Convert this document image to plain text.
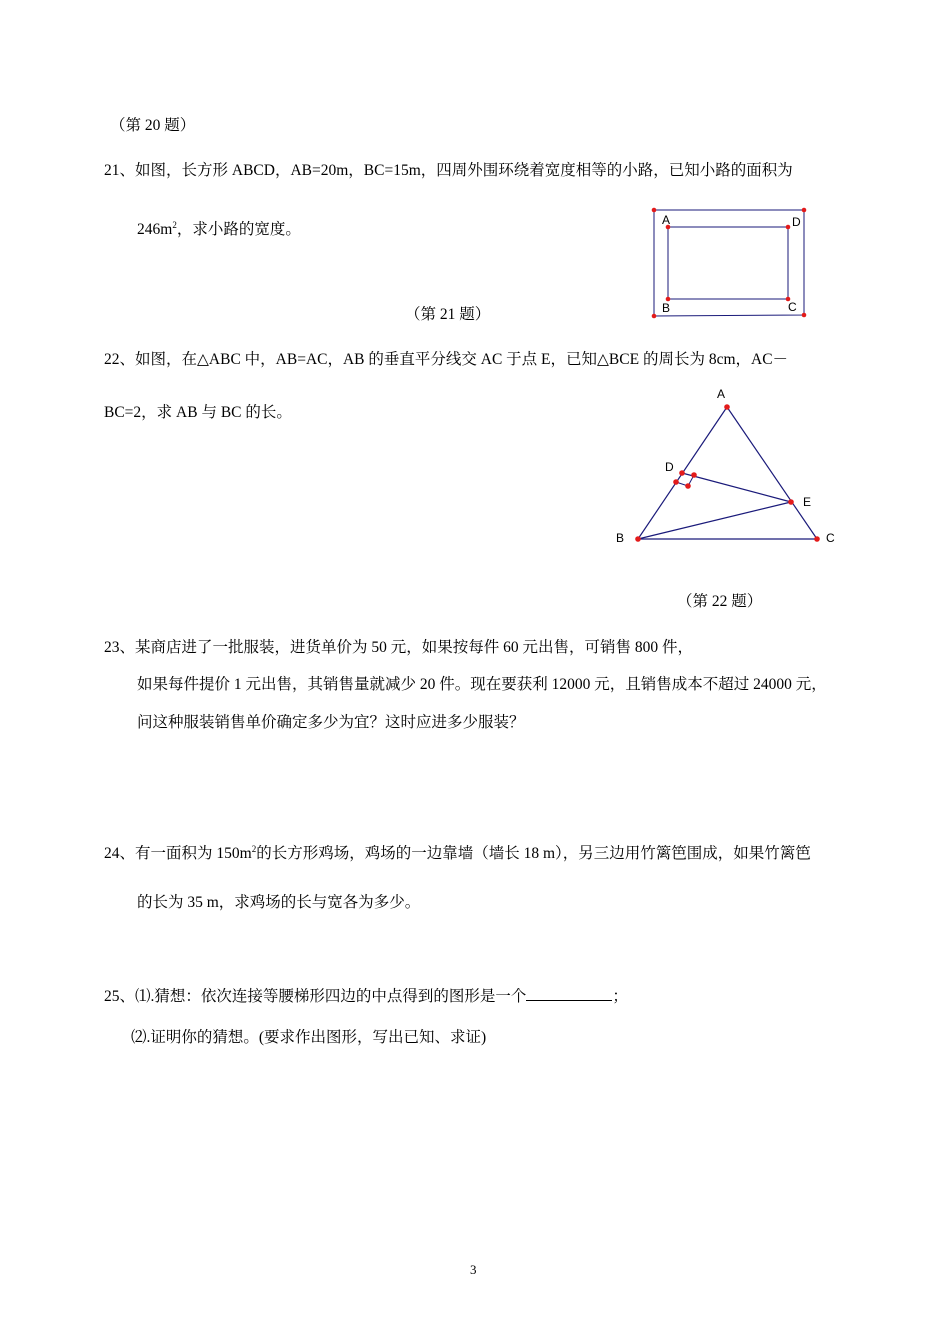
（第 20 题）
21、如图，长方形 ABCD，AB=20m，BC=15m，四周外围环绕着宽度相等的小路，已知小路的面积为
$246m^2$，求小路的宽度。
（第 21 题）
A	D
B	C
22、如图，在△ABC 中，AB=AC，AB 的垂直平分线交 AC 于点 E，已知△BCE 的周长为 8cm，AC－
BC=2，求 AB 与 BC 的长。
A
D
E
B	C
（第 22 题）
23、某商店进了一批服装，进货单价为 50 元，如果按每件 60 元出售，可销售 800 件，
如果每件提价 1 元出售，其销售量就减少 20 件。现在要获利 12000 元，且销售成本不超过 24000 元，
问这种服装销售单价确定多少为宜？这时应进多少服装？
24、有一面积为 $150m^2$的长方形鸡场，鸡场的一边靠墙（墙长 18 m），另三边用竹篱笆围成，如果竹篱笆
的长为 35 m，求鸡场的长与宽各为多少。
25、⑴.猜想：依次连接等腰梯形四边的中点得到的图形是一个	；
⑵.证明你的猜想。(要求作出图形，写出已知、求证)
3
